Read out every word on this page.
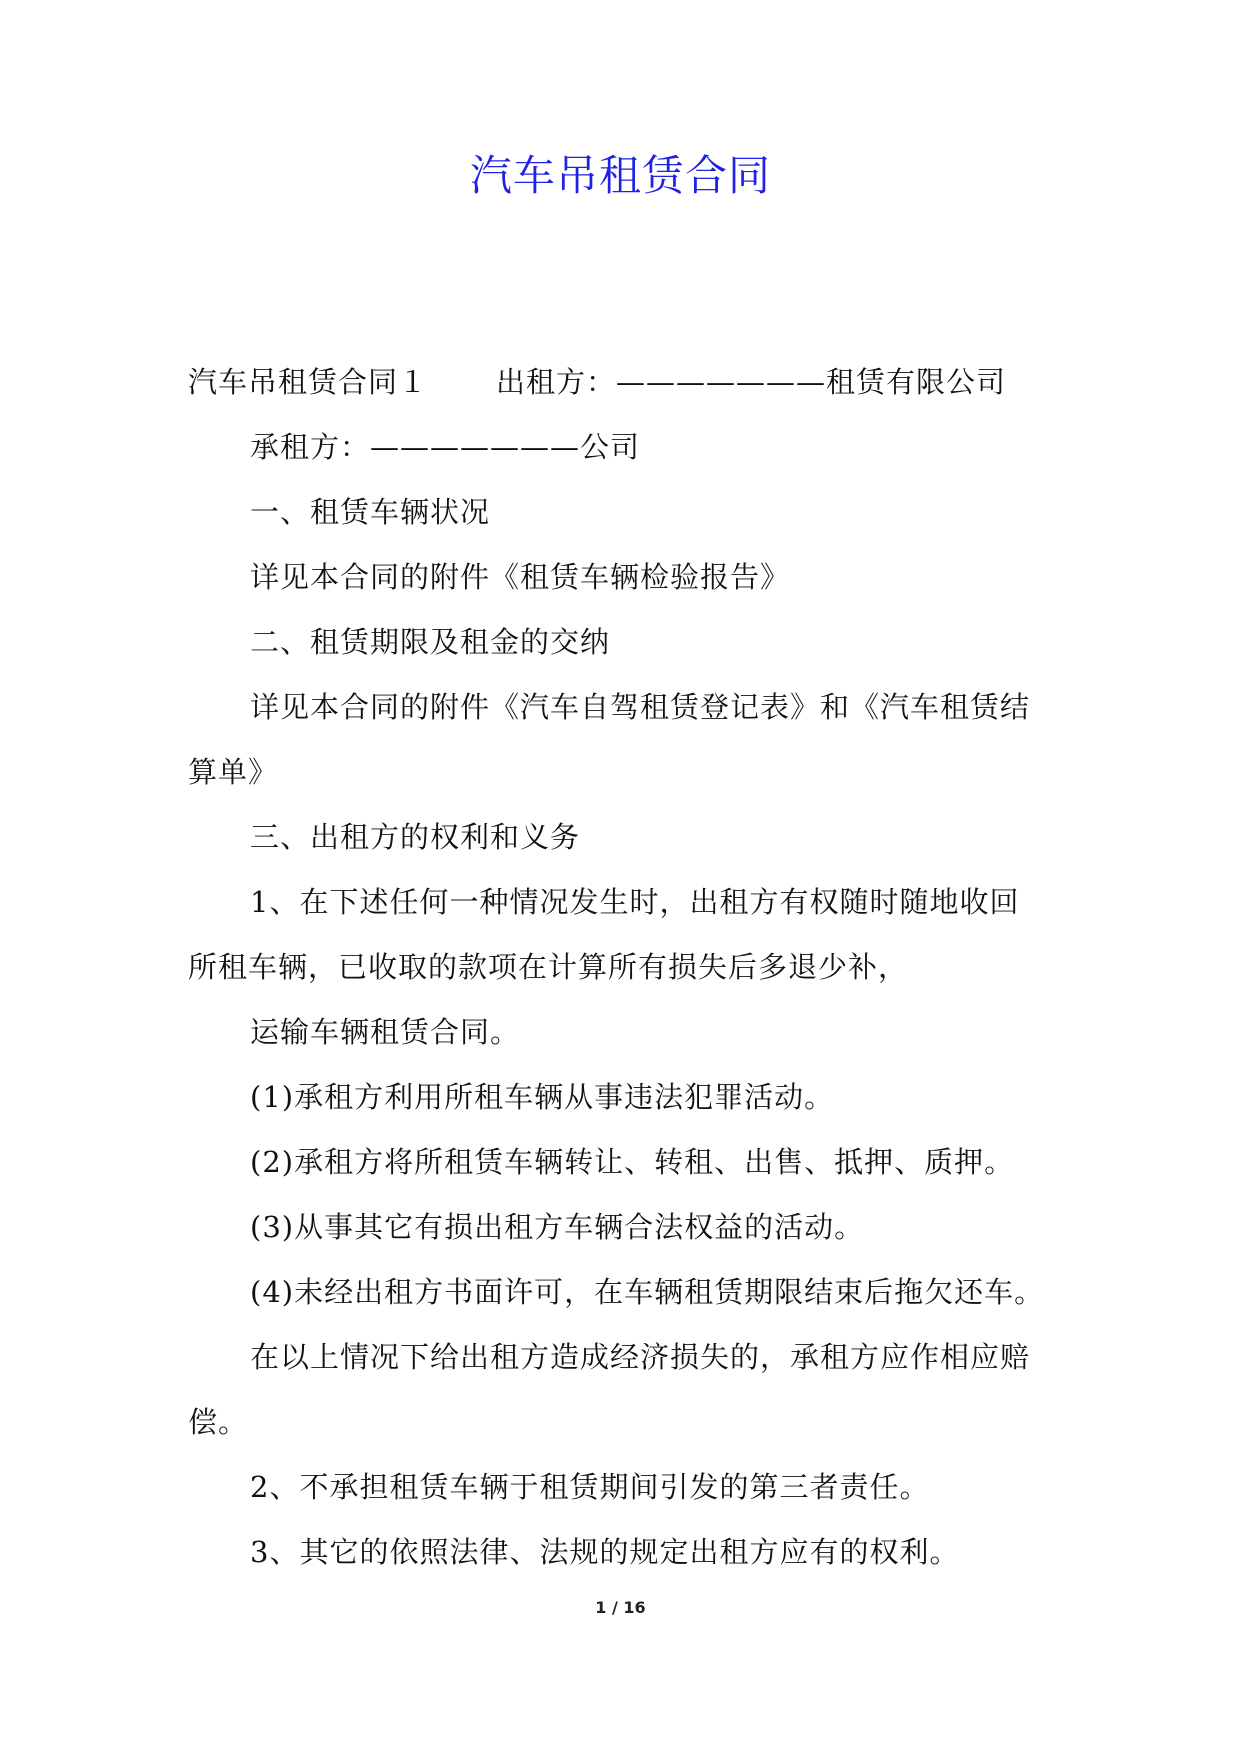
汽车吊租赁合同
汽车吊租赁合同１ 出租方：———————租赁有限公司
承租方：———————公司
一、租赁车辆状况
详见本合同的附件《租赁车辆检验报告》
二、租赁期限及租金的交纳
详见本合同的附件《汽车自驾租赁登记表》和《汽车租赁结
算单》
三、出租方的权利和义务
1、在下述任何一种情况发生时，出租方有权随时随地收回
所租车辆，已收取的款项在计算所有损失后多退少补，
运输车辆租赁合同。
(1)承租方利用所租车辆从事违法犯罪活动。
(2)承租方将所租赁车辆转让、转租、出售、抵押、质押。
(3)从事其它有损出租方车辆合法权益的活动。
(4)未经出租方书面许可，在车辆租赁期限结束后拖欠还车。
在以上情况下给出租方造成经济损失的，承租方应作相应赔
偿。
2、不承担租赁车辆于租赁期间引发的第三者责任。
3、其它的依照法律、法规的规定出租方应有的权利。
1 / 16
